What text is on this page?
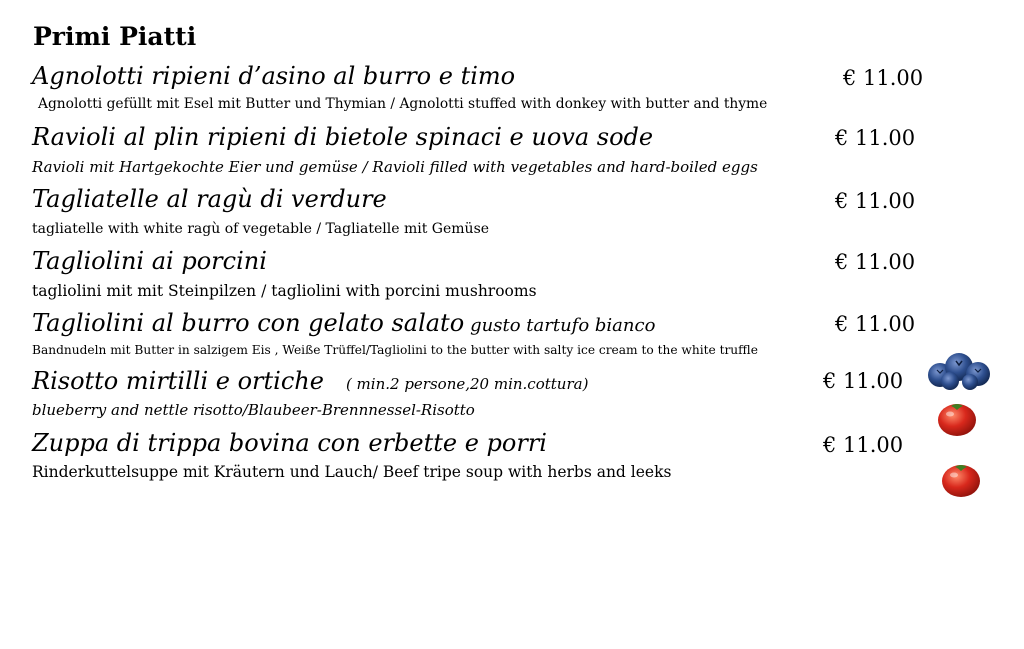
Primi Piatti
Agnolotti ripieni d’asino al burro e timo	€ 11.00
Agnolotti gefüllt mit Esel mit Butter und Thymian / Agnolotti stuffed with donkey with butter and thyme
Ravioli al plin ripieni di bietole spinaci e uova sode	€ 11.00
Ravioli mit Hartgekochte Eier und gemüse / Ravioli filled with vegetables and hard-boiled eggs
Tagliatelle al ragù di verdure	€ 11.00
tagliatelle with white ragù of vegetable / Tagliatelle mit Gemüse
Tagliolini ai porcini	€ 11.00
tagliolini mit mit Steinpilzen / tagliolini with porcini mushrooms
Tagliolini al burro con gelato salato gusto tartufo bianco	€ 11.00
Bandnudeln mit Butter in salzigem Eis , Weiße Trüffel/Tagliolini to the butter with salty ice cream to the white truffle
Risotto mirtilli e ortiche ( min.2 persone,20 min.cottura)	€ 11.00
blueberry and nettle risotto/Blaubeer-Brennnessel-Risotto
Zuppa di trippa bovina con erbette e porri	€ 11.00
Rinderkuttelsuppe mit Kräutern und Lauch/ Beef tripe soup with herbs and leeks
